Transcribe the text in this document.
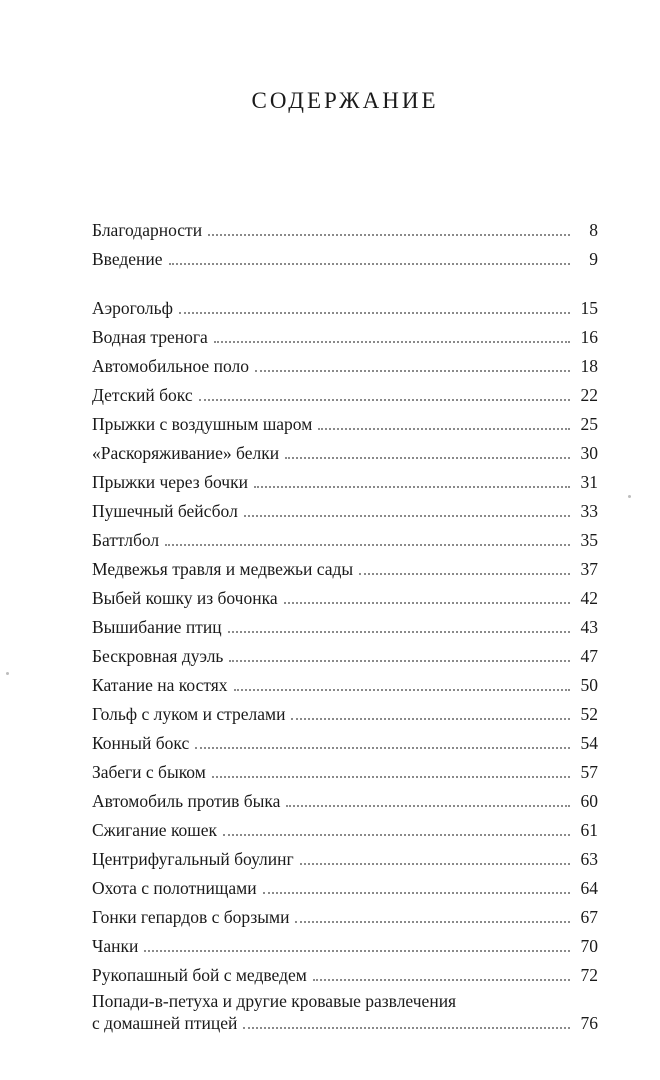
СОДЕРЖАНИЕ
Благодарности	8
Введение	9
Аэрогольф	15
Водная тренога	16
Автомобильное поло	18
Детский бокс	22
Прыжки с воздушным шаром	25
«Раскоряживание» белки	30
Прыжки через бочки	31
Пушечный бейсбол	33
Баттлбол	35
Медвежья травля и медвежьи сады	37
Выбей кошку из бочонка	42
Вышибание птиц	43
Бескровная дуэль	47
Катание на костях	50
Гольф с луком и стрелами	52
Конный бокс	54
Забеги с быком	57
Автомобиль против быка	60
Сжигание кошек	61
Центрифугальный боулинг	63
Охота с полотнищами	64
Гонки гепардов с борзыми	67
Чанки	70
Рукопашный бой с медведем	72
Попади-в-петуха и другие кровавые развлечения
с домашней птицей	76
